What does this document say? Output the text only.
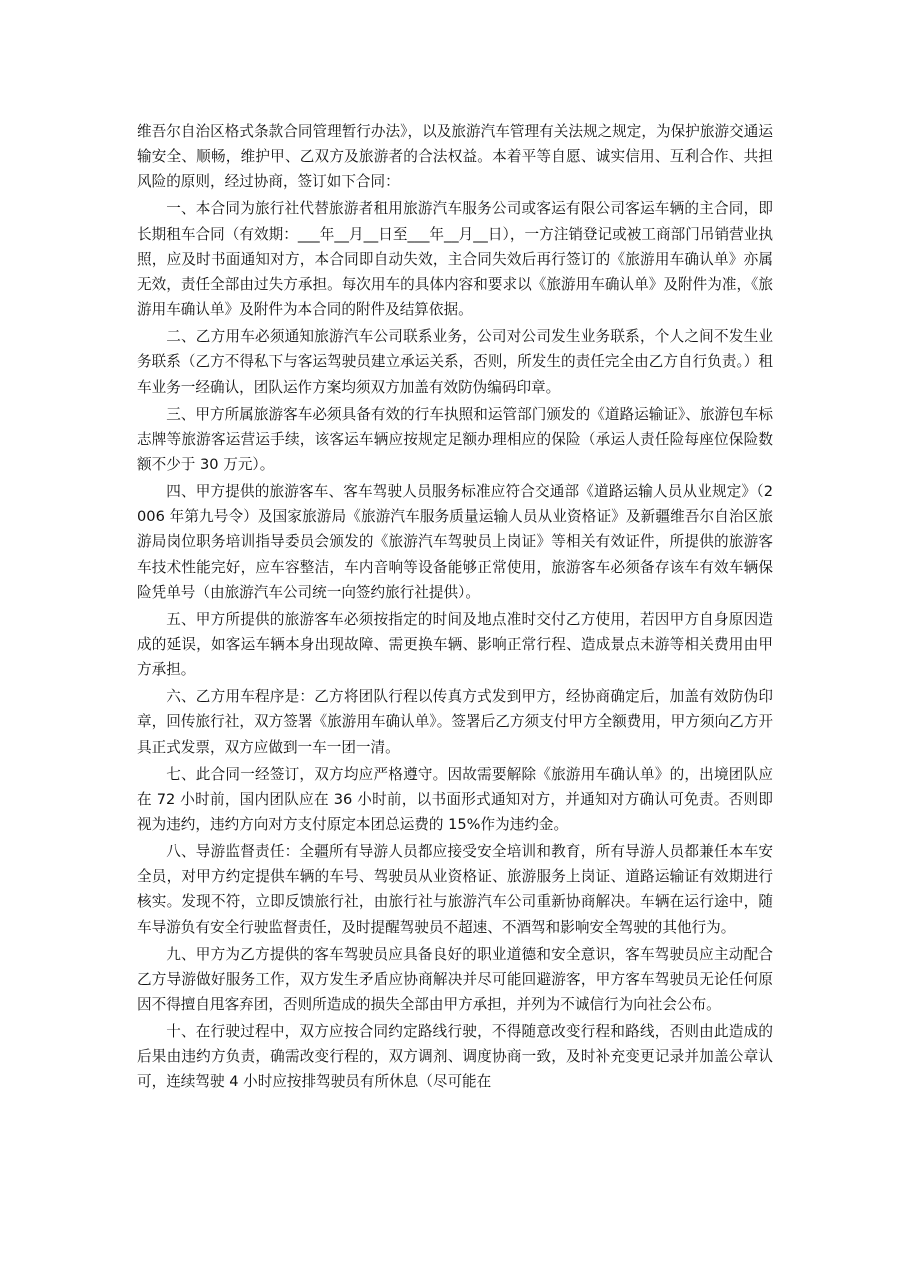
维吾尔自治区格式条款合同管理暂行办法》，以及旅游汽车管理有关法规之规定，为保护旅游交通运输安全、顺畅，维护甲、乙双方及旅游者的合法权益。本着平等自愿、诚实信用、互利合作、共担风险的原则，经过协商，签订如下合同：

一、本合同为旅行社代替旅游者租用旅游汽车服务公司或客运有限公司客运车辆的主合同，即长期租车合同（有效期：___年__月__日至___年__月__日），一方注销登记或被工商部门吊销营业执照，应及时书面通知对方，本合同即自动失效，主合同失效后再行签订的《旅游用车确认单》亦属无效，责任全部由过失方承担。每次用车的具体内容和要求以《旅游用车确认单》及附件为准，《旅游用车确认单》及附件为本合同的附件及结算依据。

二、乙方用车必须通知旅游汽车公司联系业务，公司对公司发生业务联系，个人之间不发生业务联系（乙方不得私下与客运驾驶员建立承运关系，否则，所发生的责任完全由乙方自行负责。）租车业务一经确认，团队运作方案均须双方加盖有效防伪编码印章。

三、甲方所属旅游客车必须具备有效的行车执照和运管部门颁发的《道路运输证》、旅游包车标志牌等旅游客运营运手续，该客运车辆应按规定足额办理相应的保险（承运人责任险每座位保险数额不少于 30 万元）。

四、甲方提供的旅游客车、客车驾驶人员服务标准应符合交通部《道路运输人员从业规定》（2006 年第九号令）及国家旅游局《旅游汽车服务质量运输人员从业资格证》及新疆维吾尔自治区旅游局岗位职务培训指导委员会颁发的《旅游汽车驾驶员上岗证》等相关有效证件，所提供的旅游客车技术性能完好，应车容整洁，车内音响等设备能够正常使用，旅游客车必须备存该车有效车辆保险凭单号（由旅游汽车公司统一向签约旅行社提供）。

五、甲方所提供的旅游客车必须按指定的时间及地点准时交付乙方使用，若因甲方自身原因造成的延误，如客运车辆本身出现故障、需更换车辆、影响正常行程、造成景点未游等相关费用由甲方承担。

六、乙方用车程序是：乙方将团队行程以传真方式发到甲方，经协商确定后，加盖有效防伪印章，回传旅行社，双方签署《旅游用车确认单》。签署后乙方须支付甲方全额费用，甲方须向乙方开具正式发票，双方应做到一车一团一清。

七、此合同一经签订，双方均应严格遵守。因故需要解除《旅游用车确认单》的，出境团队应在 72 小时前，国内团队应在 36 小时前，以书面形式通知对方，并通知对方确认可免责。否则即视为违约，违约方向对方支付原定本团总运费的 15%作为违约金。

八、导游监督责任：全疆所有导游人员都应接受安全培训和教育，所有导游人员都兼任本车安全员，对甲方约定提供车辆的车号、驾驶员从业资格证、旅游服务上岗证、道路运输证有效期进行核实。发现不符，立即反馈旅行社，由旅行社与旅游汽车公司重新协商解决。车辆在运行途中，随车导游负有安全行驶监督责任，及时提醒驾驶员不超速、不酒驾和影响安全驾驶的其他行为。

九、甲方为乙方提供的客车驾驶员应具备良好的职业道德和安全意识，客车驾驶员应主动配合乙方导游做好服务工作，双方发生矛盾应协商解决并尽可能回避游客，甲方客车驾驶员无论任何原因不得擅自甩客弃团，否则所造成的损失全部由甲方承担，并列为不诚信行为向社会公布。

十、在行驶过程中，双方应按合同约定路线行驶，不得随意改变行程和路线，否则由此造成的后果由违约方负责，确需改变行程的，双方调剂、调度协商一致，及时补充变更记录并加盖公章认可，连续驾驶 4 小时应按排驾驶员有所休息（尽可能在
